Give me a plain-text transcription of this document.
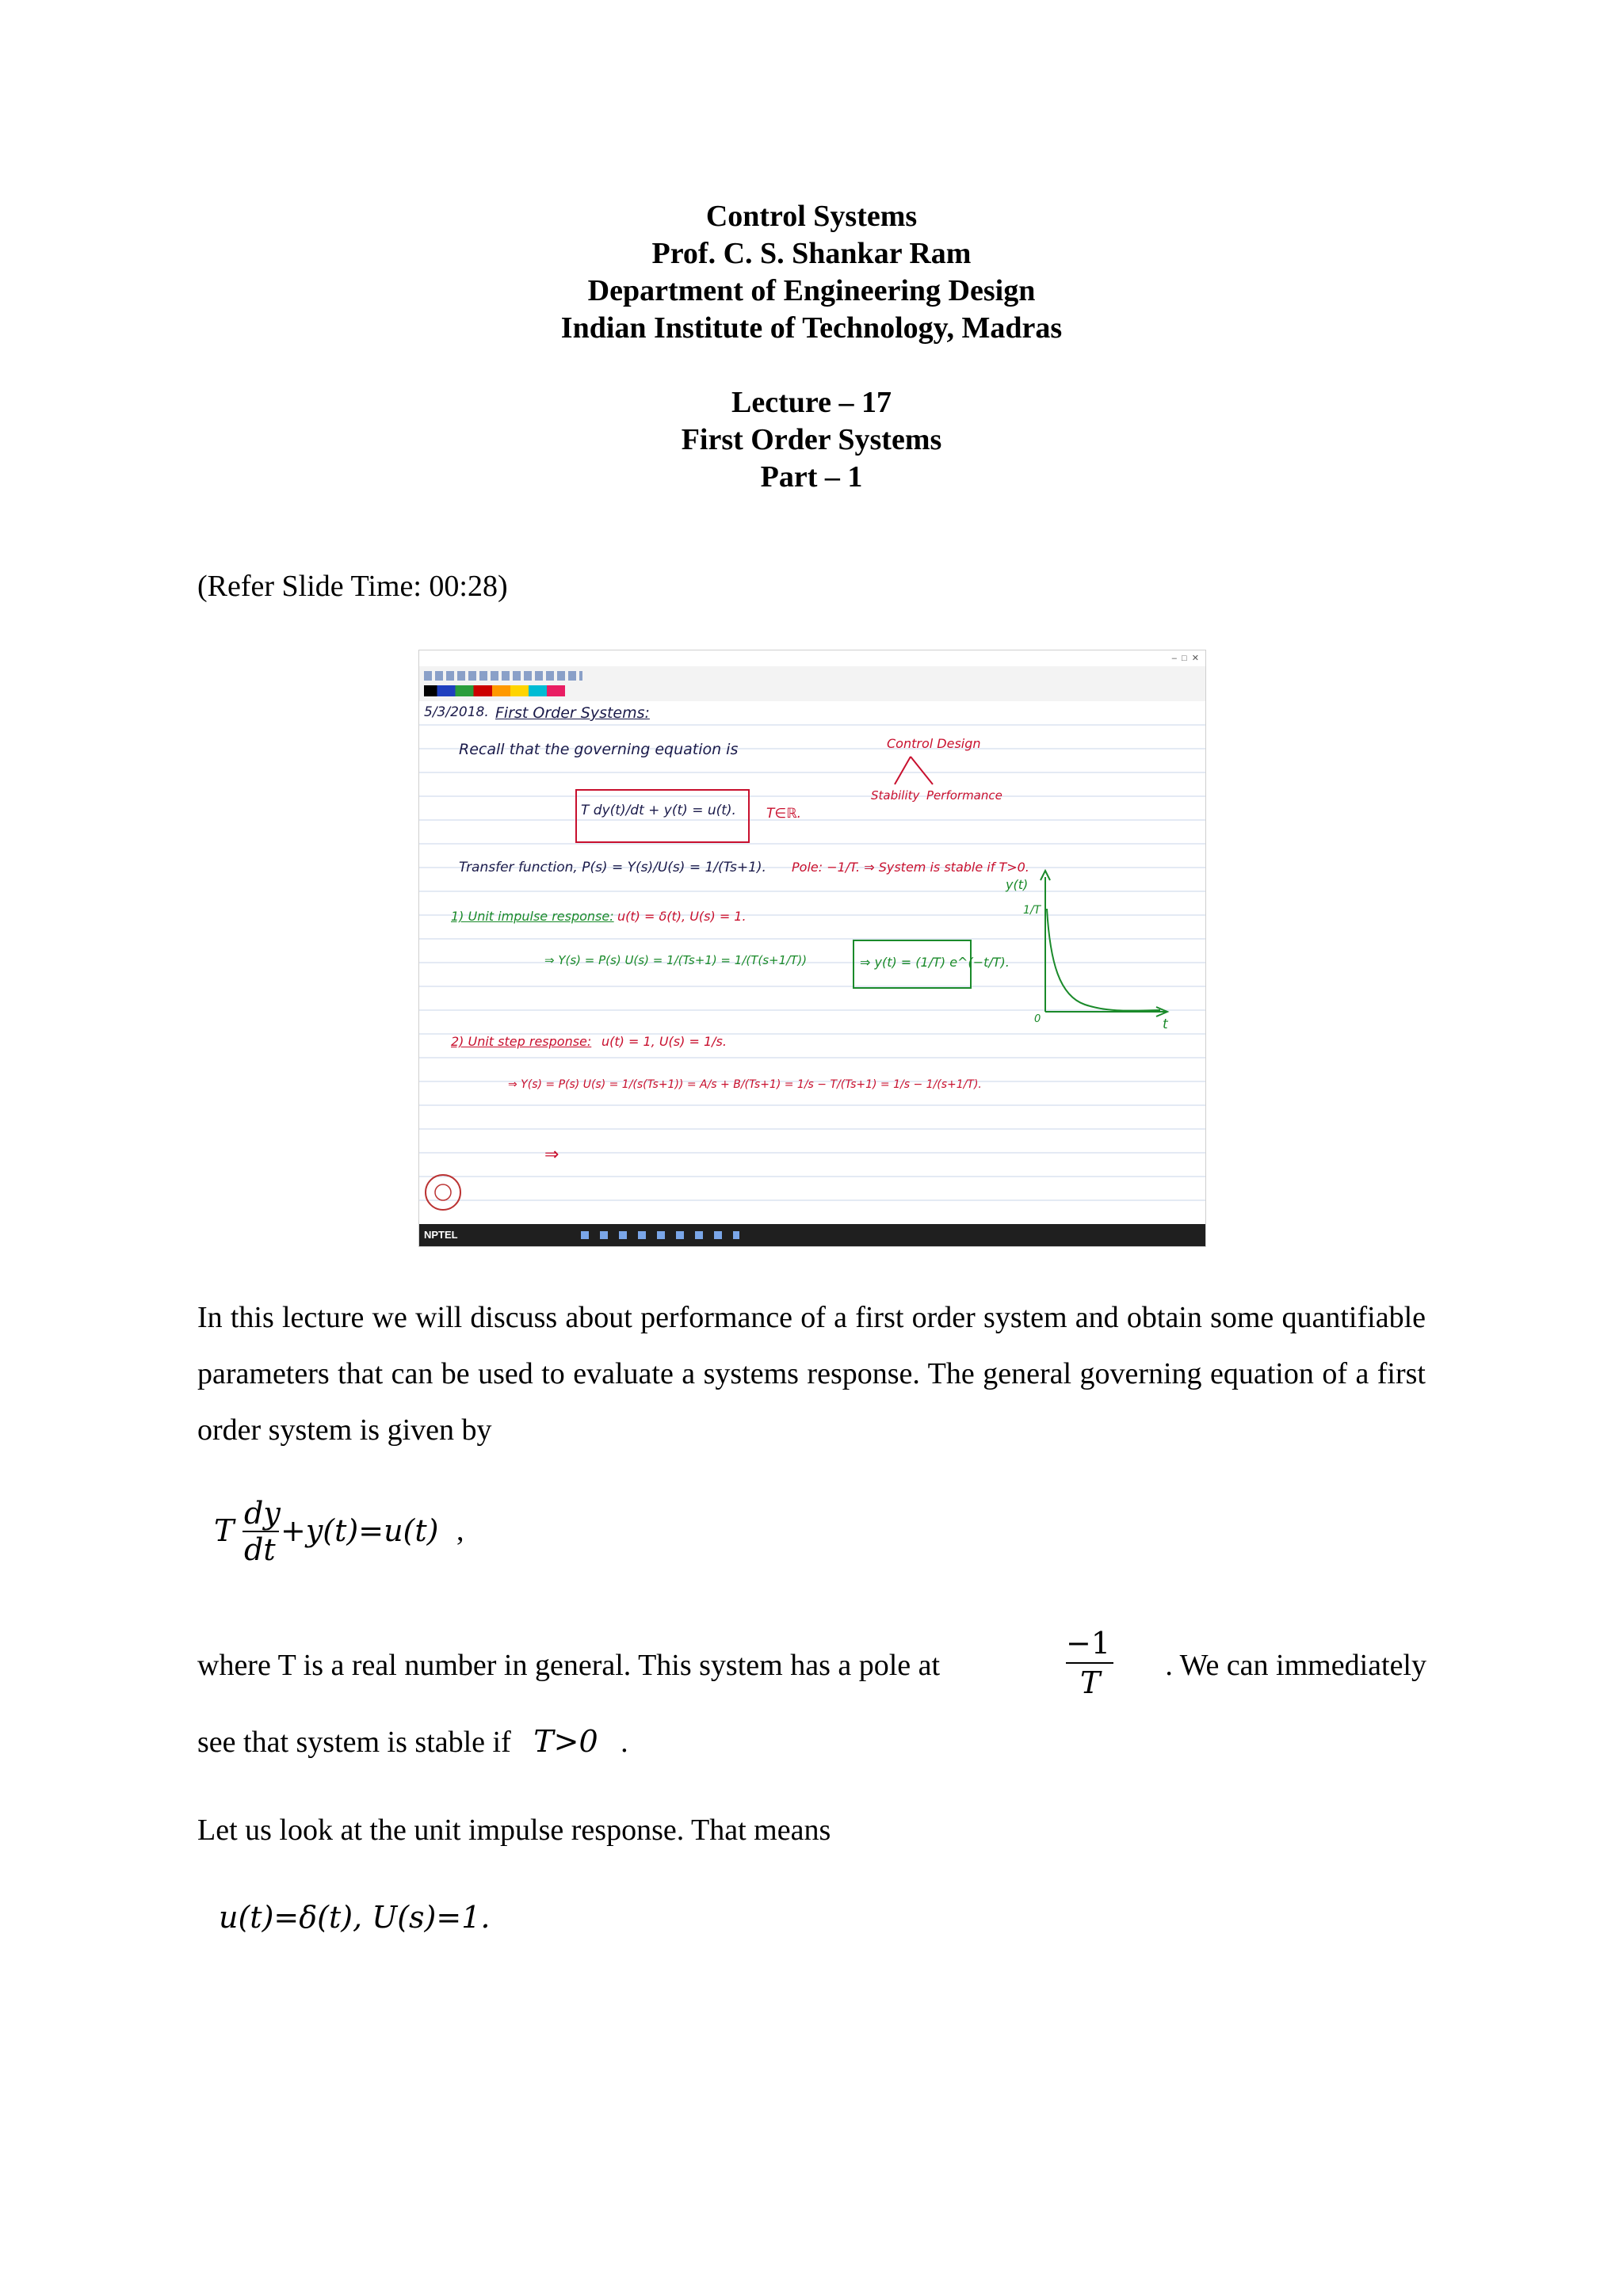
Control Systems
Prof. C. S. Shankar Ram
Department of Engineering Design
Indian Institute of Technology, Madras
Lecture – 17
First Order Systems
Part – 1
(Refer Slide Time: 00:28)
–  □  ✕
5/3/2018. First Order Systems:
Recall that the governing equation is
T dy(t)/dt + y(t) = u(t). T∈ℝ.
Control Design
Stability Performance
Transfer function, P(s) = Y(s)/U(s) = 1/(Ts+1). Pole: −1/T. ⇒ System is stable if T>0.
1) Unit impulse response: u(t) = δ(t), U(s) = 1.
⇒ Y(s) = P(s) U(s) = 1/(Ts+1) = 1/(T(s+1/T))	⇒ y(t) = (1/T) e^(−t/T).
2) Unit step response: u(t) = 1, U(s) = 1/s.
⇒ Y(s) = P(s) U(s) = 1/(s(Ts+1)) = A/s + B/(Ts+1) = 1/s − T/(Ts+1) = 1/s − 1/(s+1/T).
⇒
y(t)
1/T
0	t
NPTEL
In this lecture we will discuss about performance of a first order system and obtain some quantifiable parameters that can be used to evaluate a systems response. The general governing equation of a first order system is given by
T dy
dt
+y(t)=u(t) ,
where T is a real number in general. This system has a pole at
−1
T	. We can immediately
see that system is stable if T>0 .
Let us look at the unit impulse response. That means
u(t)=δ(t), U(s)=1.
